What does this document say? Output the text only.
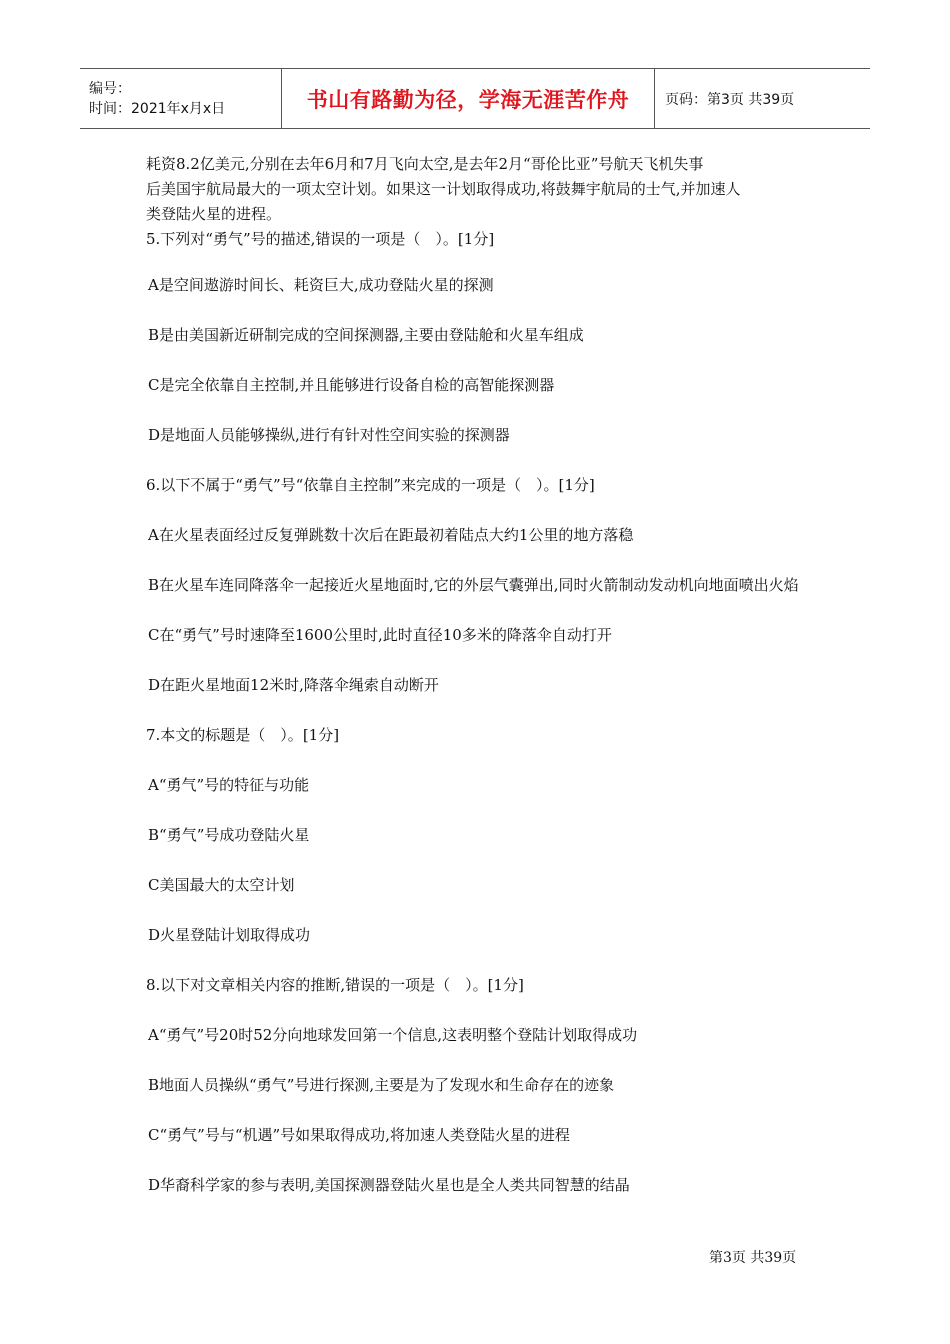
编号：
时间：2021年x月x日	书山有路勤为径，学海无涯苦作舟	页码：第3页 共39页

耗资8.2亿美元,分别在去年6月和7月飞向太空,是去年2月“哥伦比亚”号航天飞机失事

后美国宇航局最大的一项太空计划。如果这一计划取得成功,将鼓舞宇航局的士气,并加速人

类登陆火星的进程。

5.下列对“勇气”号的描述,错误的一项是（　）。[1分]

A是空间遨游时间长、耗资巨大,成功登陆火星的探测

B是由美国新近研制完成的空间探测器,主要由登陆舱和火星车组成

C是完全依靠自主控制,并且能够进行设备自检的高智能探测器

D是地面人员能够操纵,进行有针对性空间实验的探测器

6.以下不属于“勇气”号“依靠自主控制”来完成的一项是（　）。[1分]

A在火星表面经过反复弹跳数十次后在距最初着陆点大约1公里的地方落稳

B在火星车连同降落伞一起接近火星地面时,它的外层气囊弹出,同时火箭制动发动机向地面喷出火焰

C在“勇气”号时速降至1600公里时,此时直径10多米的降落伞自动打开

D在距火星地面12米时,降落伞绳索自动断开

7.本文的标题是（　）。[1分]

A“勇气”号的特征与功能

B“勇气”号成功登陆火星

C美国最大的太空计划

D火星登陆计划取得成功

8.以下对文章相关内容的推断,错误的一项是（　）。[1分]

A“勇气”号20时52分向地球发回第一个信息,这表明整个登陆计划取得成功

B地面人员操纵“勇气”号进行探测,主要是为了发现水和生命存在的迹象

C“勇气”号与“机遇”号如果取得成功,将加速人类登陆火星的进程

D华裔科学家的参与表明,美国探测器登陆火星也是全人类共同智慧的结晶

第3页 共39页
